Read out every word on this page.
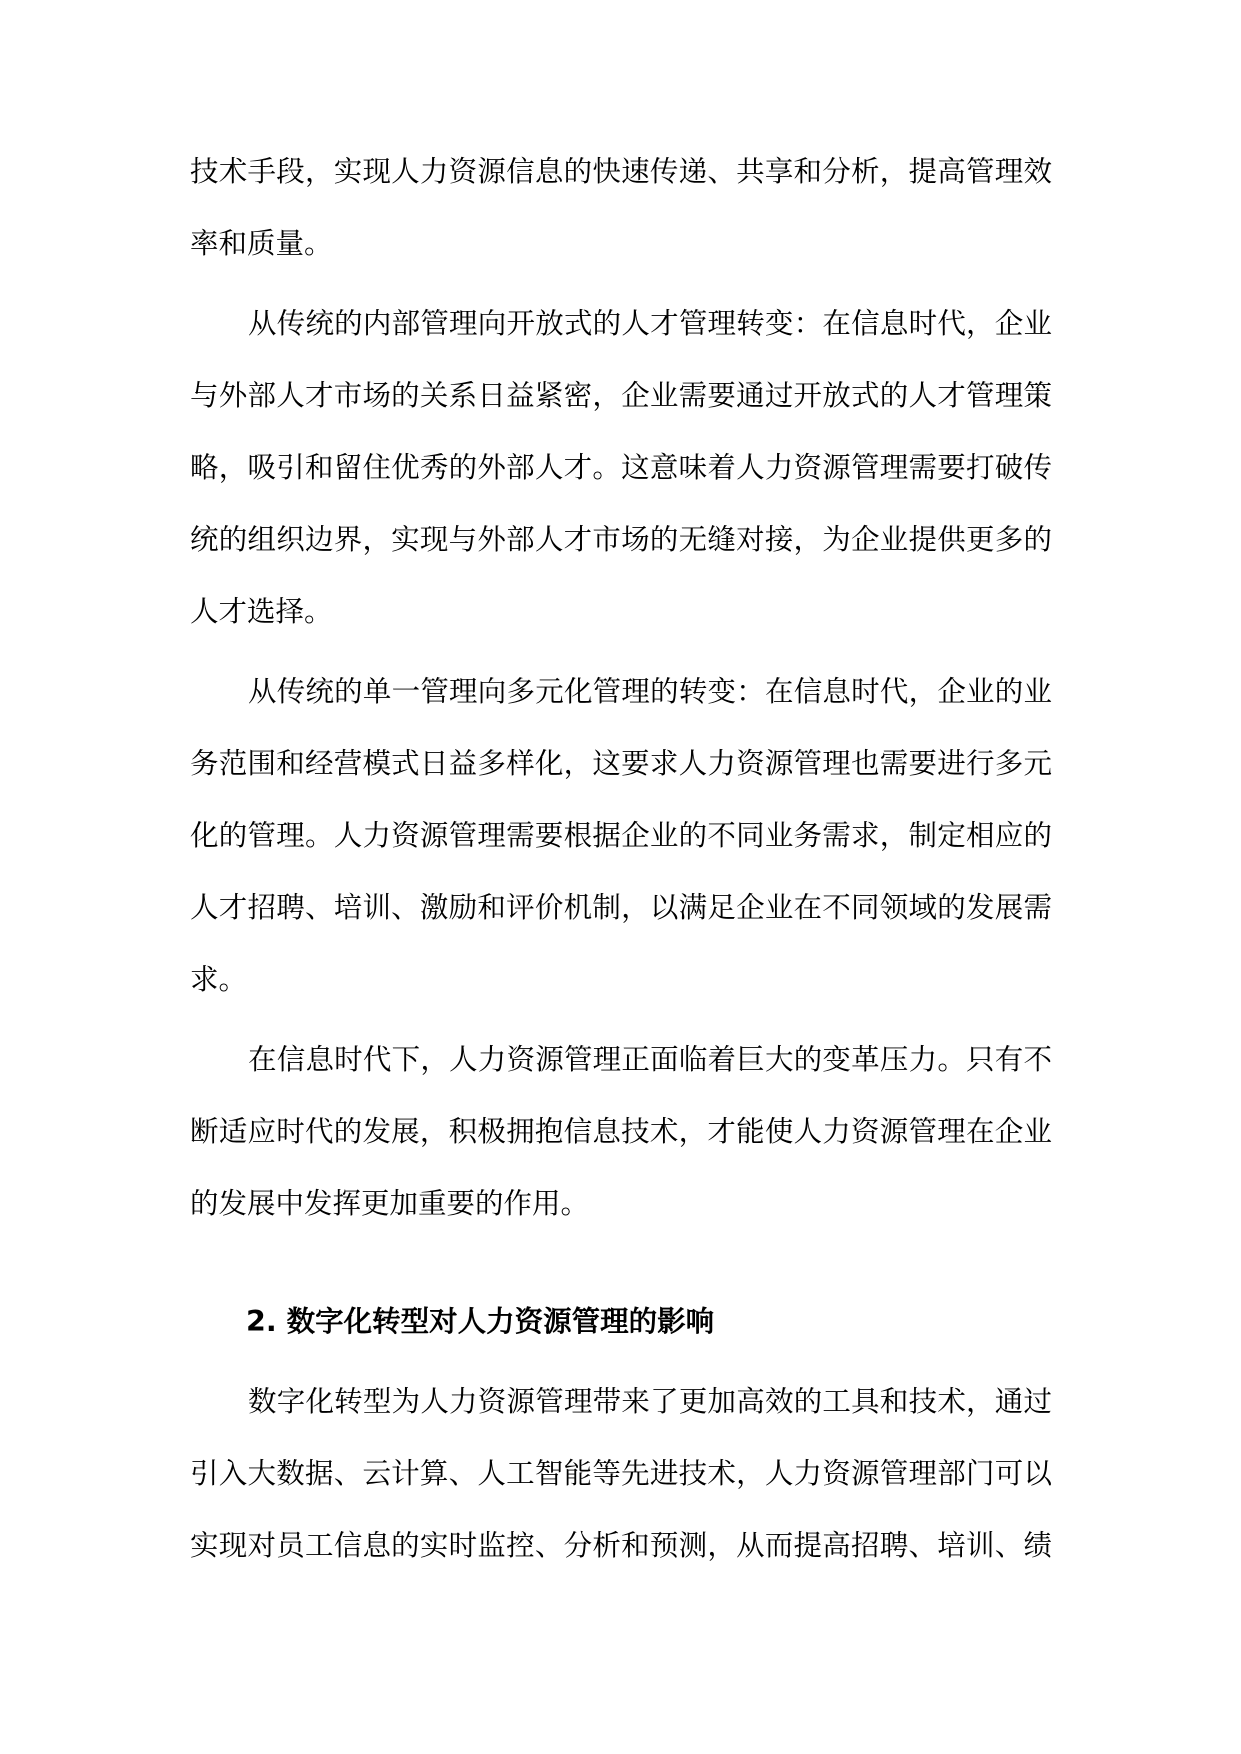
技术手段，实现人力资源信息的快速传递、共享和分析，提高管理效
率和质量。
从传统的内部管理向开放式的人才管理转变：在信息时代，企业
与外部人才市场的关系日益紧密，企业需要通过开放式的人才管理策
略，吸引和留住优秀的外部人才。这意味着人力资源管理需要打破传
统的组织边界，实现与外部人才市场的无缝对接，为企业提供更多的
人才选择。
从传统的单一管理向多元化管理的转变：在信息时代，企业的业
务范围和经营模式日益多样化，这要求人力资源管理也需要进行多元
化的管理。人力资源管理需要根据企业的不同业务需求，制定相应的
人才招聘、培训、激励和评价机制，以满足企业在不同领域的发展需
求。
在信息时代下，人力资源管理正面临着巨大的变革压力。只有不
断适应时代的发展，积极拥抱信息技术，才能使人力资源管理在企业
的发展中发挥更加重要的作用。
2. 数字化转型对人力资源管理的影响
数字化转型为人力资源管理带来了更加高效的工具和技术，通过
引入大数据、云计算、人工智能等先进技术，人力资源管理部门可以
实现对员工信息的实时监控、分析和预测，从而提高招聘、培训、绩
